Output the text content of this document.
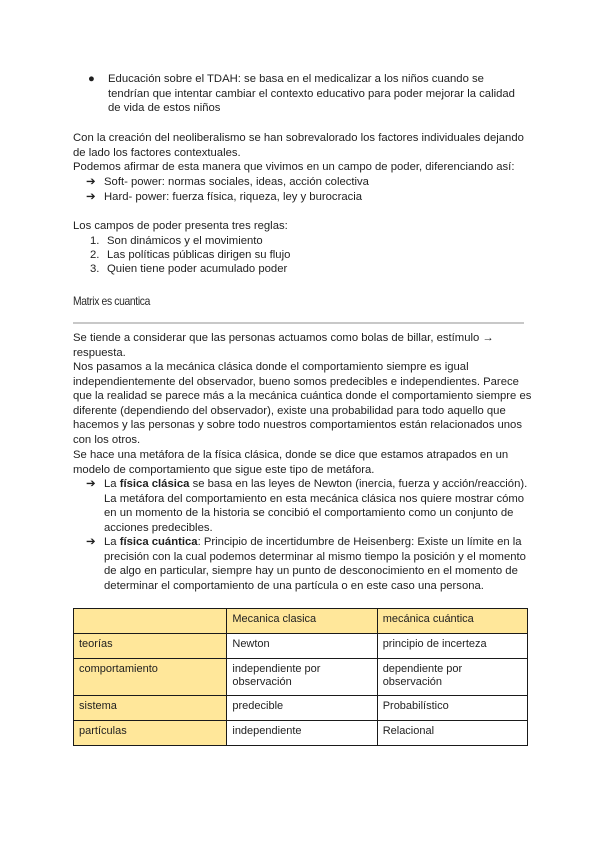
●	Educación sobre el TDAH: se basa en el medicalizar a los niños cuando se tendrían que intentar cambiar el contexto educativo para poder mejorar la calidad de vida de estos niños

Con la creación del neoliberalismo se han sobrevalorado los factores individuales dejando de lado los factores contextuales.

Podemos afirmar de esta manera que vivimos en un campo de poder, diferenciando así:

➔ Soft- power: normas sociales, ideas, acción colectiva
➔ Hard- power: fuerza física, riqueza, ley y burocracia

Los campos de poder presenta tres reglas:

1. Son dinámicos y el movimiento
2. Las políticas públicas dirigen su flujo
3. Quien tiene poder acumulado poder
Matrix es cuantica

Se tiende a considerar que las personas actuamos como bolas de billar, estímulo → respuesta.

Nos pasamos a la mecánica clásica donde el comportamiento siempre es igual independientemente del observador, bueno somos predecibles e independientes. Parece que la realidad se parece más a la mecánica cuántica donde el comportamiento siempre es diferente (dependiendo del observador), existe una probabilidad para todo aquello que hacemos y las personas y sobre todo nuestros comportamientos están relacionados unos con los otros.

Se hace una metáfora de la física clásica, donde se dice que estamos atrapados en un modelo de comportamiento que sigue este tipo de metáfora.

➔ La física clásica se basa en las leyes de Newton (inercia, fuerza y acción/reacción). La metáfora del comportamiento en esta mecánica clásica nos quiere mostrar cómo en un momento de la historia se concibió el comportamiento como un conjunto de acciones predecibles.
➔ La física cuántica: Principio de incertidumbre de Heisenberg: Existe un límite en la precisión con la cual podemos determinar al mismo tiempo la posición y el momento de algo en particular, siempre hay un punto de desconocimiento en el momento de determinar el comportamiento de una partícula o en este caso una persona.
	Mecanica clasica	mecánica cuántica
teorías	Newton	principio de incerteza
comportamiento	independiente por observación	dependiente por observación
sistema	predecible	Probabilístico
partículas	independiente	Relacional
